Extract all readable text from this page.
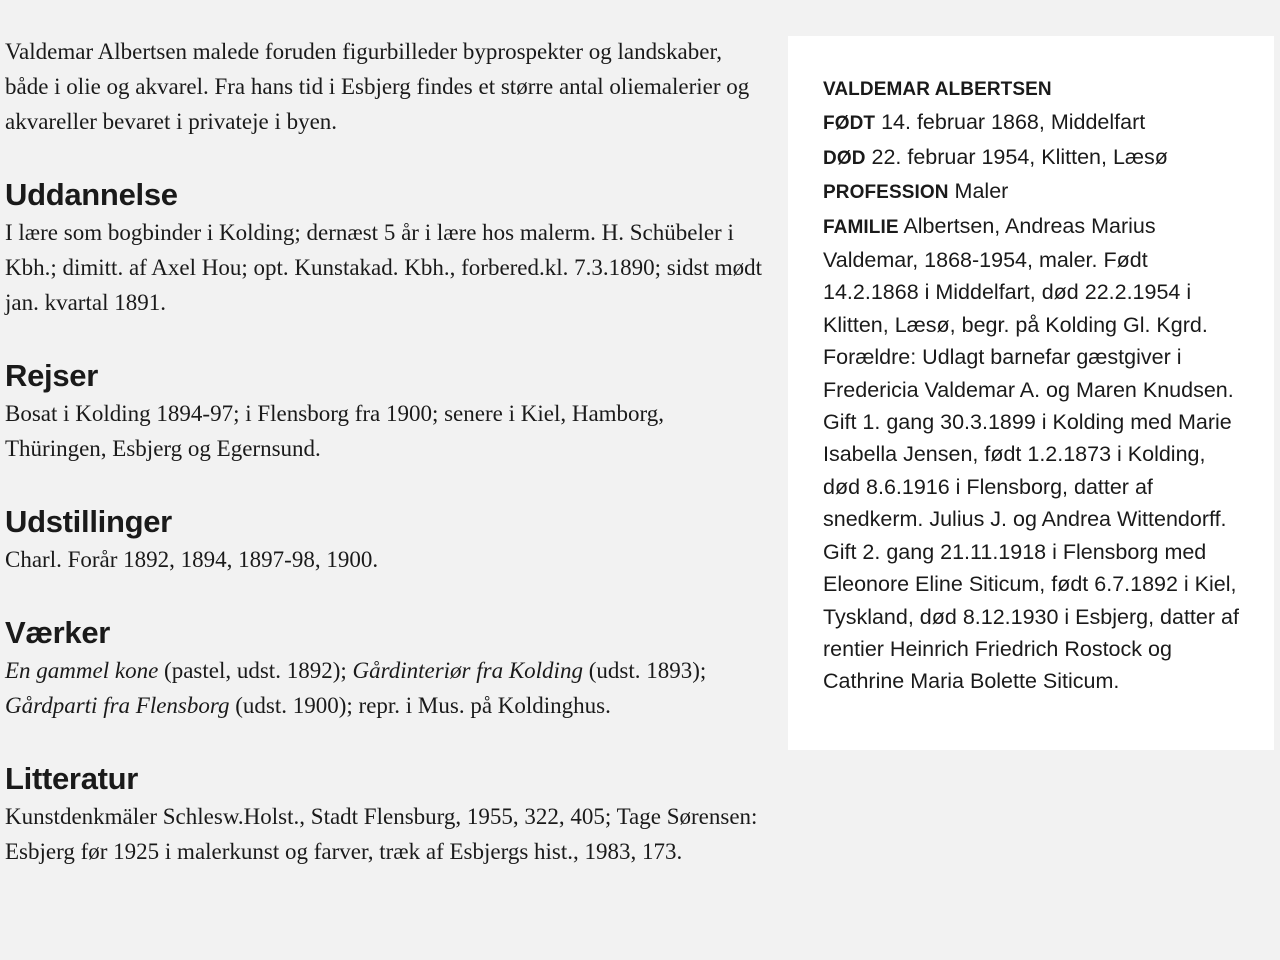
Valdemar Albertsen malede foruden figurbilleder byprospekter og landskaber, både i olie og akvarel. Fra hans tid i Esbjerg findes et større antal oliemalerier og akvareller bevaret i privateje i byen.

Uddannelse

I lære som bogbinder i Kolding; dernæst 5 år i lære hos malerm. H. Schübeler i Kbh.; dimitt. af Axel Hou; opt. Kunstakad. Kbh., forbered.kl. 7.3.1890; sidst mødt jan. kvartal 1891.

Rejser

Bosat i Kolding 1894-97; i Flensborg fra 1900; senere i Kiel, Hamborg, Thüringen, Esbjerg og Egernsund.

Udstillinger

Charl. Forår 1892, 1894, 1897-98, 1900.

Værker

En gammel kone (pastel, udst. 1892); Gårdinteriør fra Kolding (udst. 1893); Gårdparti fra Flensborg (udst. 1900); repr. i Mus. på Koldinghus.

Litteratur

Kunstdenkmäler Schlesw.Holst., Stadt Flensburg, 1955, 322, 405; Tage Sørensen: Esbjerg før 1925 i malerkunst og farver, træk af Esbjergs hist., 1983, 173.

VALDEMAR ALBERTSEN
FØDT 14. februar 1868, Middelfart
DØD 22. februar 1954, Klitten, Læsø
PROFESSION Maler
FAMILIE Albertsen, Andreas Marius Valdemar, 1868-1954, maler. Født 14.2.1868 i Middelfart, død 22.2.1954 i Klitten, Læsø, begr. på Kolding Gl. Kgrd. Forældre: Udlagt barnefar gæstgiver i Fredericia Valdemar A. og Maren Knudsen. Gift 1. gang 30.3.1899 i Kolding med Marie Isabella Jensen, født 1.2.1873 i Kolding, død 8.6.1916 i Flensborg, datter af snedkerm. Julius J. og Andrea Wittendorff. Gift 2. gang 21.11.1918 i Flensborg med Eleonore Eline Siticum, født 6.7.1892 i Kiel, Tyskland, død 8.12.1930 i Esbjerg, datter af rentier Heinrich Friedrich Rostock og Cathrine Maria Bolette Siticum.
